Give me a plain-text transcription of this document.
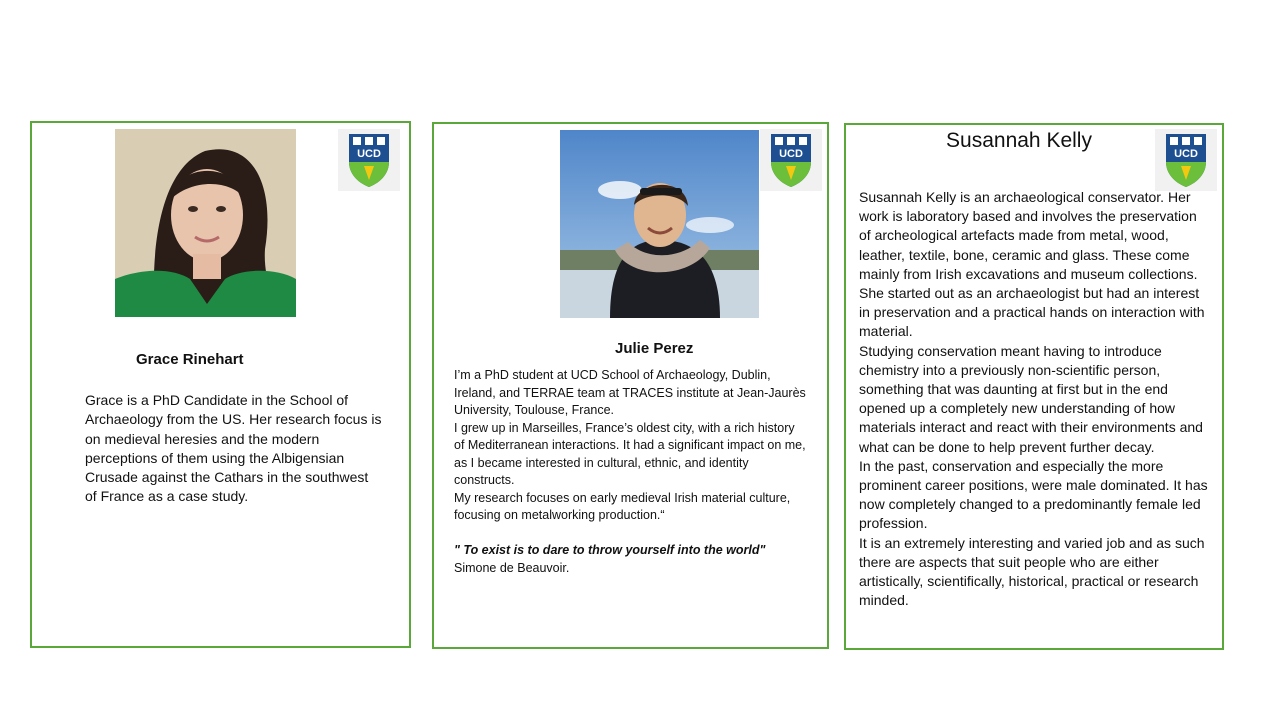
UCD
Grace Rinehart

Grace is a PhD Candidate in the School of Archaeology from the US. Her research focus is on medieval heresies and the modern perceptions of them using the Albigensian Crusade against the Cathars in the southwest of France as a case study.

UCD
Julie Perez

I’m a PhD student at UCD School of Archaeology, Dublin, Ireland, and TERRAE team at TRACES institute at Jean-Jaurès University, Toulouse, France.

I grew up in Marseilles, France’s oldest city, with a rich history of Mediterranean interactions. It had a significant impact on me, as I became interested in cultural, ethnic, and identity constructs.

My research focuses on early medieval Irish material culture, focusing on metalworking production.“

" To exist is to dare to throw yourself into the world"

Simone de Beauvoir.

Susannah Kelly
UCD

Susannah Kelly is an archaeological conservator. Her work is laboratory based and involves the preservation of archeological artefacts made from metal, wood, leather, textile, bone, ceramic and glass. These come mainly from Irish excavations and museum collections.

She started out as an archaeologist but had an interest in preservation and a practical hands on interaction with material.

Studying conservation meant having to introduce chemistry into a previously non-scientific person, something that was daunting at first but in the end opened up a completely new understanding of how materials interact and react with their environments and what can be done to help prevent further decay.

In the past, conservation and especially the more prominent career positions, were male dominated. It has now completely changed to a predominantly female led profession.

It is an extremely interesting and varied job and as such there are aspects that suit people who are either artistically, scientifically, historical, practical or research minded.
